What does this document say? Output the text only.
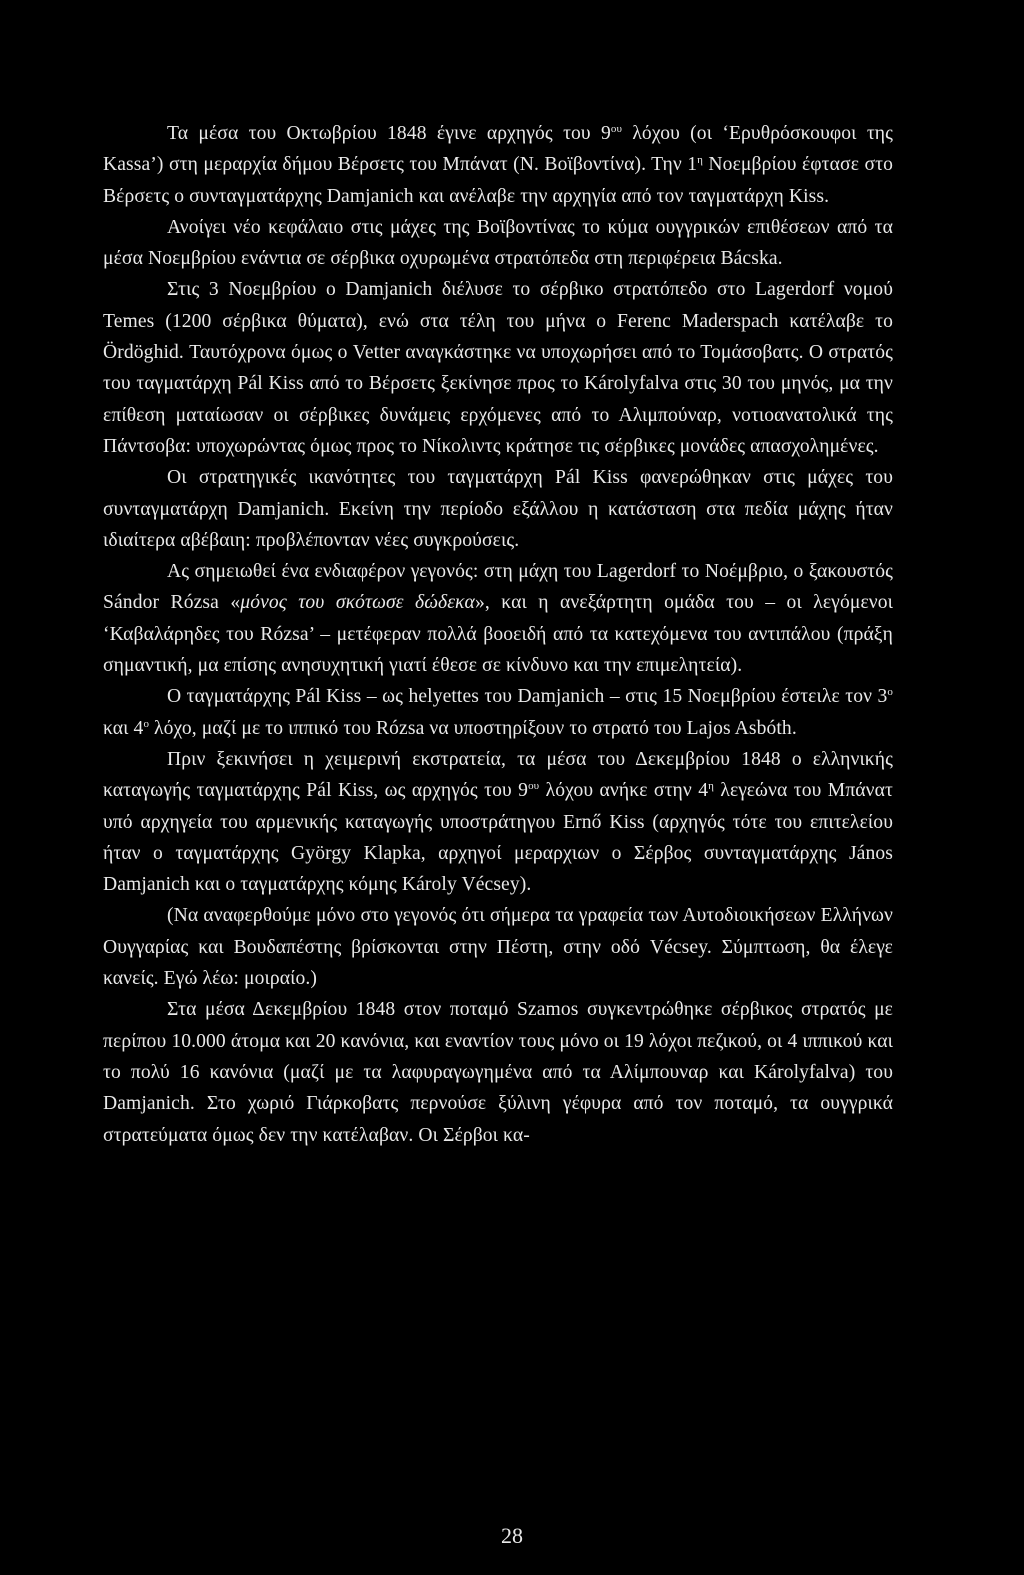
Τα μέσα του Οκτωβρίου 1848 έγινε αρχηγός του $9^{o\upsilon}$ λόχου (οι ‘Ερυθρόσκουφοι της Kassa’) στη μεραρχία δήμου Βέρσετς του Μπάνατ (Ν. Βοϊβοντίνα). Την $1^\eta$ Νοεμβρίου έφτασε στο Βέρσετς ο συνταγματάρχης Damjanich και ανέλαβε την αρχηγία από τον ταγματάρχη Kiss.

Ανοίγει νέο κεφάλαιο στις μάχες της Βοϊβοντίνας το κύμα ουγγρικών επιθέσεων από τα μέσα Νοεμβρίου ενάντια σε σέρβικα οχυρωμένα στρατόπεδα στη περιφέρεια Bácska.

Στις 3 Νοεμβρίου ο Damjanich διέλυσε το σέρβικο στρατόπεδο στο Lagerdorf νομού Temes (1200 σέρβικα θύματα), ενώ στα τέλη του μήνα ο Ferenc Maderspach κατέλαβε το Ördöghid. Ταυτόχρονα όμως ο Vetter αναγκάστηκε να υποχωρήσει από το Τομάσοβατς. Ο στρατός του ταγματάρχη Pál Kiss από το Βέρσετς ξεκίνησε προς το Károlyfalva στις 30 του μηνός, μα την επίθεση ματαίωσαν οι σέρβικες δυνάμεις ερχόμενες από το Αλιμπούναρ, νοτιοανατολικά της Πάντσοβα: υποχωρώντας όμως προς το Νίκολιντς κράτησε τις σέρβικες μονάδες απασχολημένες.

Οι στρατηγικές ικανότητες του ταγματάρχη Pál Kiss φανερώθηκαν στις μάχες του συνταγματάρχη Damjanich. Εκείνη την περίοδο εξάλλου η κατάσταση στα πεδία μάχης ήταν ιδιαίτερα αβέβαιη: προβλέπονταν νέες συγκρούσεις.

Ας σημειωθεί ένα ενδιαφέρον γεγονός: στη μάχη του Lagerdorf το Νοέμβριο, ο ξακουστός Sándor Rózsa «μόνος του σκότωσε δώδεκα», και η ανεξάρτητη ομάδα του – οι λεγόμενοι ‘Καβαλάρηδες του Rózsa’ – μετέφεραν πολλά βοοειδή από τα κατεχόμενα του αντιπάλου (πράξη σημαντική, μα επίσης ανησυχητική γιατί έθεσε σε κίνδυνο και την επιμελητεία).

Ο ταγματάρχης Pál Kiss – ως helyettes του Damjanich – στις 15 Νοεμβρίου έστειλε τον $3^o$ και $4^o$ λόχο, μαζί με το ιππικό του Rózsa να υποστηρίξουν το στρατό του Lajos Asbóth.

Πριν ξεκινήσει η χειμερινή εκστρατεία, τα μέσα του Δεκεμβρίου 1848 ο ελληνικής καταγωγής ταγματάρχης Pál Kiss, ως αρχηγός του $9^{o\upsilon}$ λόχου ανήκε στην $4^\eta$ λεγεώνα του Μπάνατ υπό αρχηγεία του αρμενικής καταγωγής υποστράτηγου Ernő Kiss (αρχηγός τότε του επιτελείου ήταν ο ταγματάρχης György Klapka, αρχηγοί μεραρχιων ο Σέρβος συνταγματάρχης János Damjanich και ο ταγματάρχης κόμης Károly Vécsey).

(Να αναφερθούμε μόνο στο γεγονός ότι σήμερα τα γραφεία των Αυτοδιοικήσεων Ελλήνων Ουγγαρίας και Βουδαπέστης βρίσκονται στην Πέστη, στην οδό Vécsey. Σύμπτωση, θα έλεγε κανείς. Εγώ λέω: μοιραίο.)

Στα μέσα Δεκεμβρίου 1848 στον ποταμό Szamos συγκεντρώθηκε σέρβικος στρατός με περίπου 10.000 άτομα και 20 κανόνια, και εναντίον τους μόνο οι 19 λόχοι πεζικού, οι 4 ιππικού και το πολύ 16 κανόνια (μαζί με τα λαφυραγωγημένα από τα Αλίμπουναρ και Károlyfalva) του Damjanich. Στο χωριό Γιάρκοβατς περνούσε ξύλινη γέφυρα από τον ποταμό, τα ουγγρικά στρατεύματα όμως δεν την κατέλαβαν. Οι Σέρβοι κα-

28
